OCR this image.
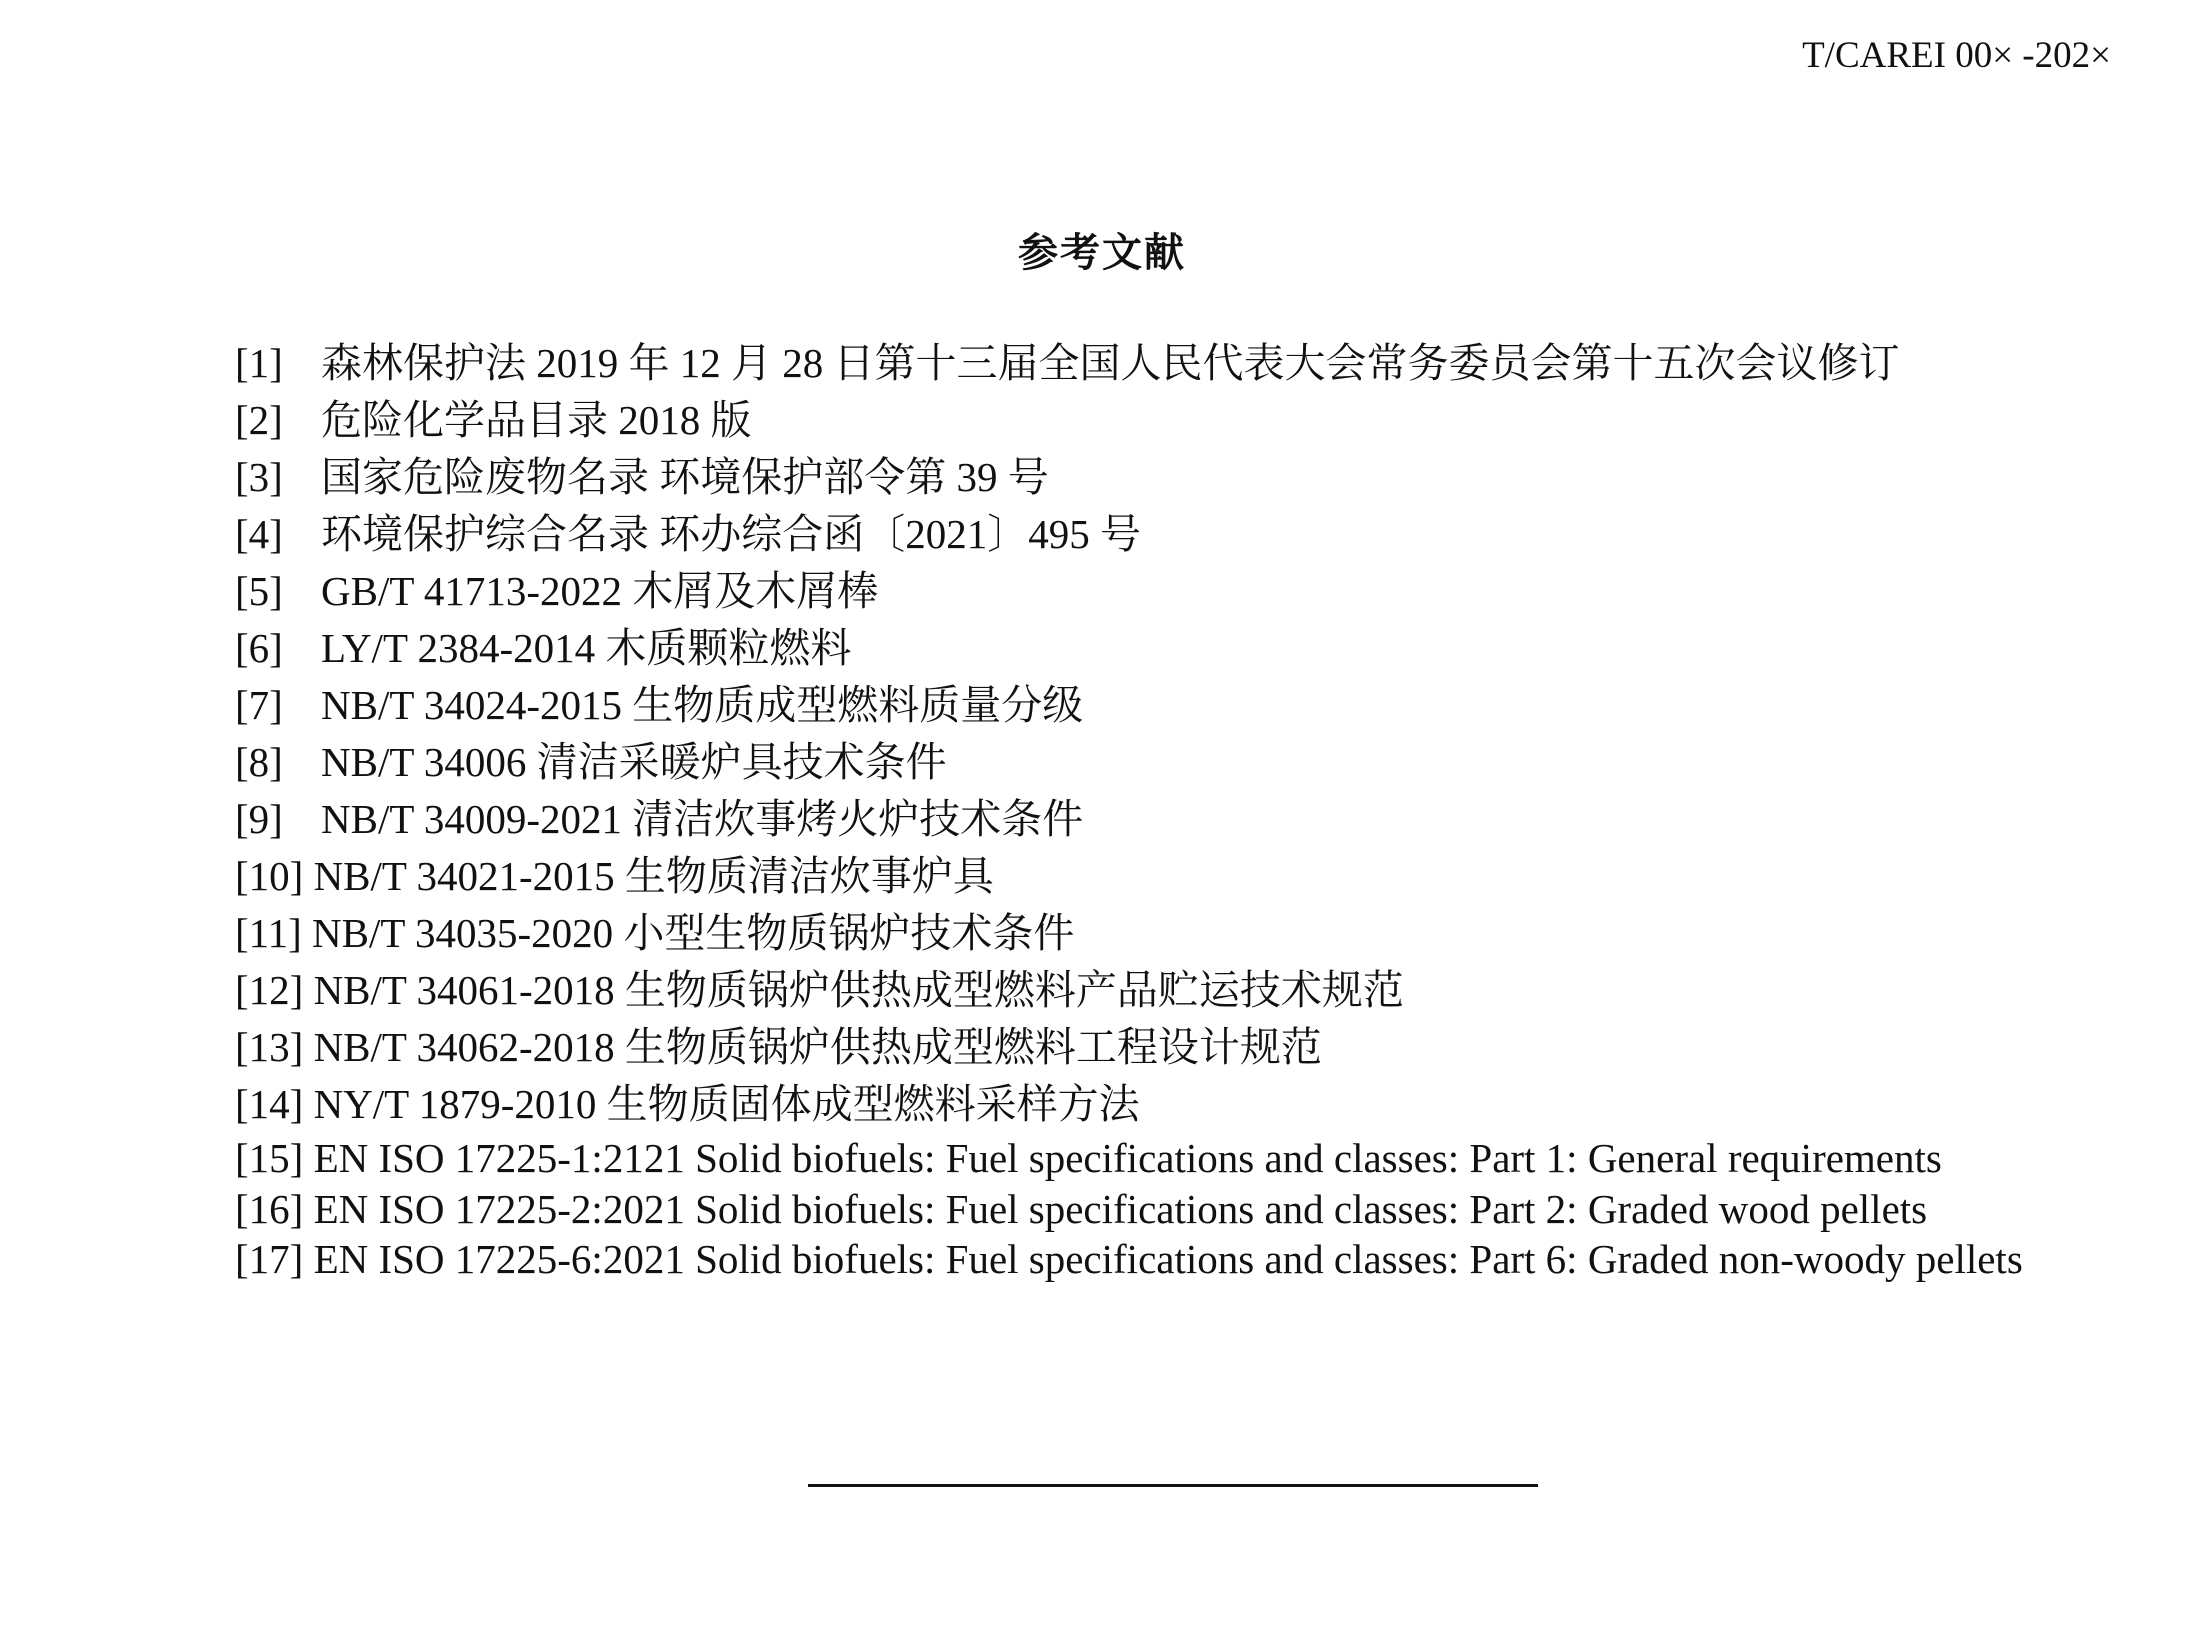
T/CAREI 00× -202×
参考文献
[1] 森林保护法 2019 年 12 月 28 日第十三届全国人民代表大会常务委员会第十五次会议修订
[2] 危险化学品目录 2018 版
[3] 国家危险废物名录 环境保护部令第 39 号
[4] 环境保护综合名录 环办综合函〔2021〕495 号
[5] GB/T 41713-2022 木屑及木屑棒
[6] LY/T 2384-2014 木质颗粒燃料
[7] NB/T 34024-2015 生物质成型燃料质量分级
[8] NB/T 34006 清洁采暖炉具技术条件
[9] NB/T 34009-2021 清洁炊事烤火炉技术条件
[10] NB/T 34021-2015 生物质清洁炊事炉具
[11] NB/T 34035-2020 小型生物质锅炉技术条件
[12] NB/T 34061-2018 生物质锅炉供热成型燃料产品贮运技术规范
[13] NB/T 34062-2018 生物质锅炉供热成型燃料工程设计规范
[14] NY/T 1879-2010 生物质固体成型燃料采样方法
[15] EN ISO 17225-1:2121 Solid biofuels: Fuel specifications and classes: Part 1: General requirements
[16] EN ISO 17225-2:2021 Solid biofuels: Fuel specifications and classes: Part 2: Graded wood pellets
[17] EN ISO 17225-6:2021 Solid biofuels: Fuel specifications and classes: Part 6: Graded non-woody pellets
